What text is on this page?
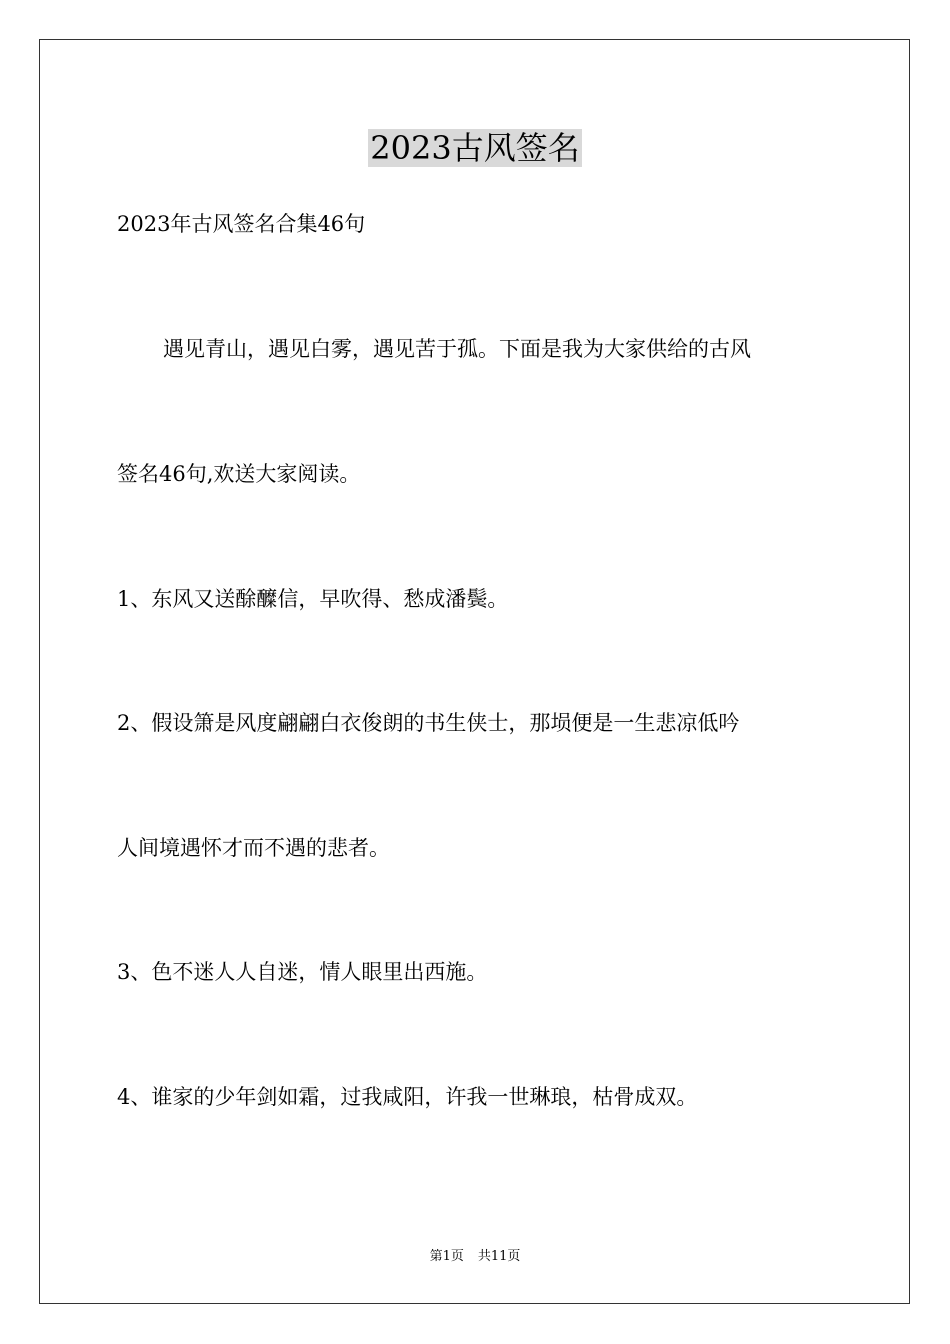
2023古风签名
2023年古风签名合集46句
遇见青山，遇见白雾，遇见苦于孤。下面是我为大家供给的古风
签名46句,欢送大家阅读。
1、东风又送酴醾信，早吹得、愁成潘鬓。
2、假设箫是风度翩翩白衣俊朗的书生侠士，那埙便是一生悲凉低吟
人间境遇怀才而不遇的悲者。
3、色不迷人人自迷，情人眼里出西施。
4、谁家的少年剑如霜，过我咸阳，许我一世琳琅，枯骨成双。
第1页 共11页
